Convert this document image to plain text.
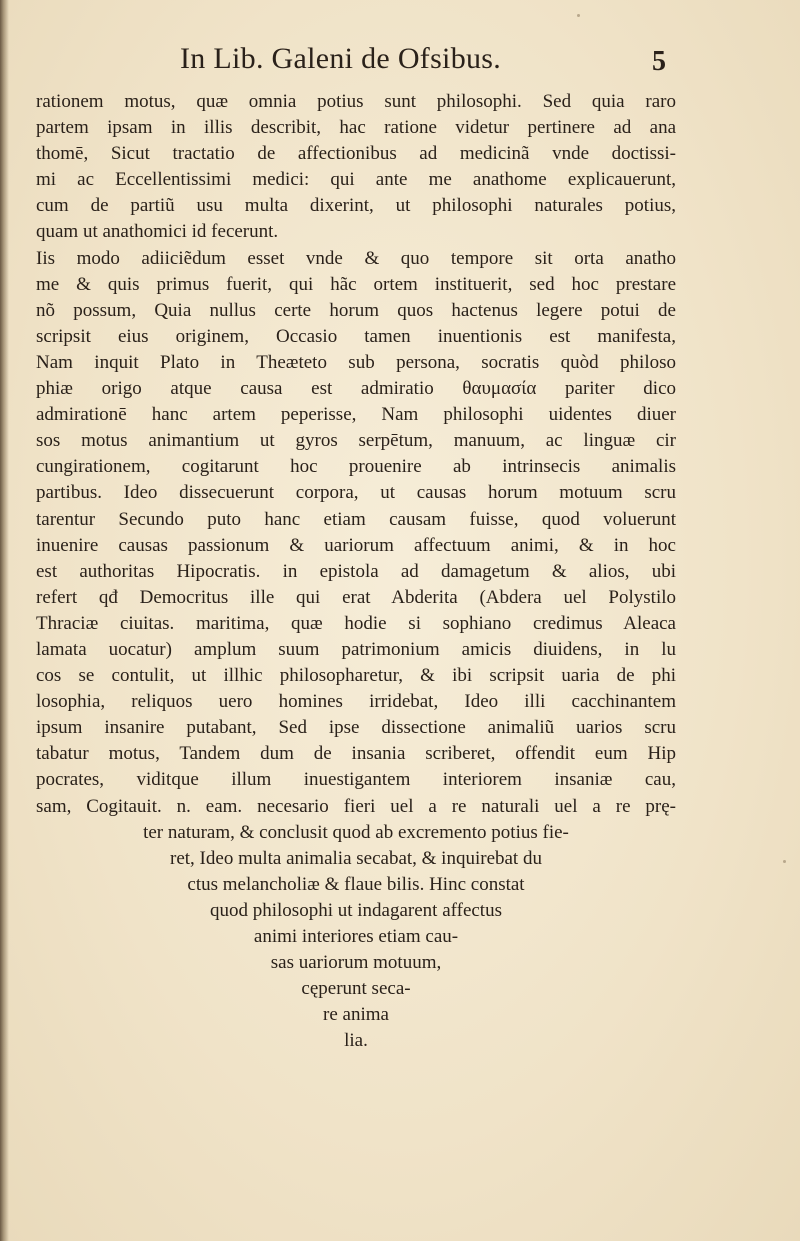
In Lib. Galeni de Ofsibus.	5
rationem motus, quæ omnia potius sunt philosophi. Sed quia raro
partem ipsam in illis describit, hac ratione videtur pertinere ad ana
thomē, Sicut tractatio de affectionibus ad medicinã vnde doctissi-
mi ac Eccellentissimi medici: qui ante me anathome explicauerunt,
cum de partiũ usu multa dixerint, ut philosophi naturales potius,
quam ut anathomici id fecerunt.
Iis modo adiiciẽdum esset vnde & quo tempore sit orta anatho
me & quis primus fuerit, qui hãc ortem instituerit, sed hoc prestare
nõ possum, Quia nullus certe horum quos hactenus legere potui de
scripsit eius originem, Occasio tamen inuentionis est manifesta,
Nam inquit Plato in Theæteto sub persona, socratis quòd philoso
phiæ origo atque causa est admiratio θαυμασία pariter dico
admirationē hanc artem peperisse, Nam philosophi uidentes diuer
sos motus animantium ut gyros serpētum, manuum, ac linguæ cir
cungirationem, cogitarunt hoc prouenire ab intrinsecis animalis
partibus. Ideo dissecuerunt corpora, ut causas horum motuum scru
tarentur Secundo puto hanc etiam causam fuisse, quod voluerunt
inuenire causas passionum & uariorum affectuum animi, & in hoc
est authoritas Hipocratis. in epistola ad damagetum & alios, ubi
refert qđ Democritus ille qui erat Abderita (Abdera uel Polystilo
Thraciæ ciuitas. maritima, quæ hodie si sophiano credimus Aleaca
lamata uocatur) amplum suum patrimonium amicis diuidens, in lu
cos se contulit, ut illhic philosopharetur, & ibi scripsit uaria de phi
losophia, reliquos uero homines irridebat, Ideo illi cacchinantem
ipsum insanire putabant, Sed ipse dissectione animaliũ uarios scru
tabatur motus, Tandem dum de insania scriberet, offendit eum Hip
pocrates, viditque illum inuestigantem interiorem insaniæ cau,
sam, Cogitauit. n. eam. necesario fieri uel a re naturali uel a re prę-
ter naturam, & conclusit quod ab excremento potius fie-
ret, Ideo multa animalia secabat, & inquirebat du
ctus melancholiæ & flaue bilis. Hinc constat
quod philosophi ut indagarent affectus
animi interiores etiam cau-
sas uariorum motuum,
cęperunt seca-
re anima
lia.
